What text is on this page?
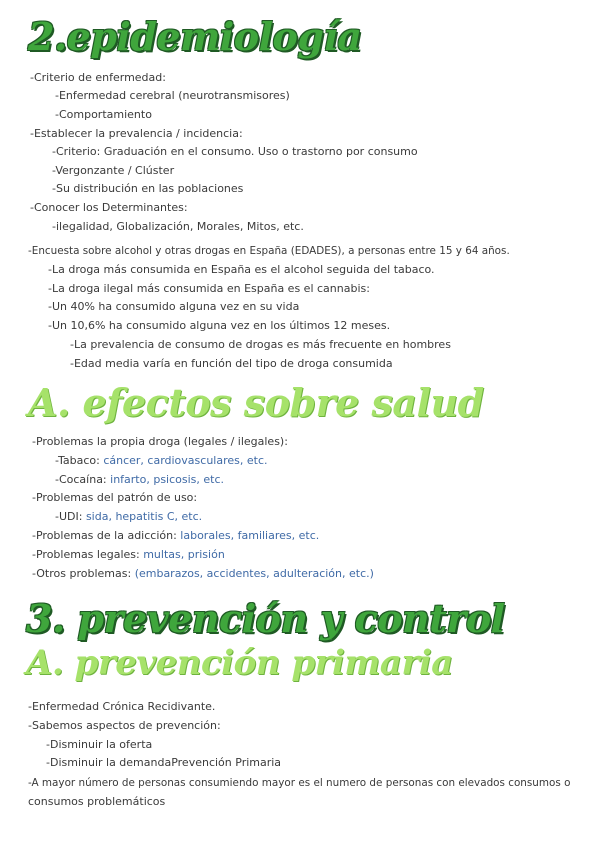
2.epidemiología
-Criterio de enfermedad:
-Enfermedad cerebral (neurotransmisores)
-Comportamiento
-Establecer la prevalencia / incidencia:
-Criterio: Graduación en el consumo. Uso o trastorno por consumo
-Vergonzante / Clúster
-Su distribución en las poblaciones
-Conocer los Determinantes:
-ilegalidad, Globalización, Morales, Mitos, etc.
-Encuesta sobre alcohol y otras drogas en España (EDADES), a personas entre 15 y 64 años.
-La droga más consumida en España es el alcohol seguida del tabaco.
-La droga ilegal más consumida en España es el cannabis:
-Un 40% ha consumido alguna vez en su vida
-Un 10,6% ha consumido alguna vez en los últimos 12 meses.
-La prevalencia de consumo de drogas es más frecuente en hombres
-Edad media varía en función del tipo de droga consumida
A. efectos sobre salud
-Problemas la propia droga (legales / ilegales):
-Tabaco: cáncer, cardiovasculares, etc.
-Cocaína: infarto, psicosis, etc.
-Problemas del patrón de uso:
-UDI: sida, hepatitis C, etc.
-Problemas de la adicción: laborales, familiares, etc.
-Problemas legales: multas, prisión
-Otros problemas: (embarazos, accidentes, adulteración, etc.)
3. prevención y control
A. prevención primaria
-Enfermedad Crónica Recidivante.
-Sabemos aspectos de prevención:
-Disminuir la oferta
-Disminuir la demandaPrevención Primaria
-A mayor número de personas consumiendo mayor es el numero de personas con elevados consumos o
consumos problemáticos
